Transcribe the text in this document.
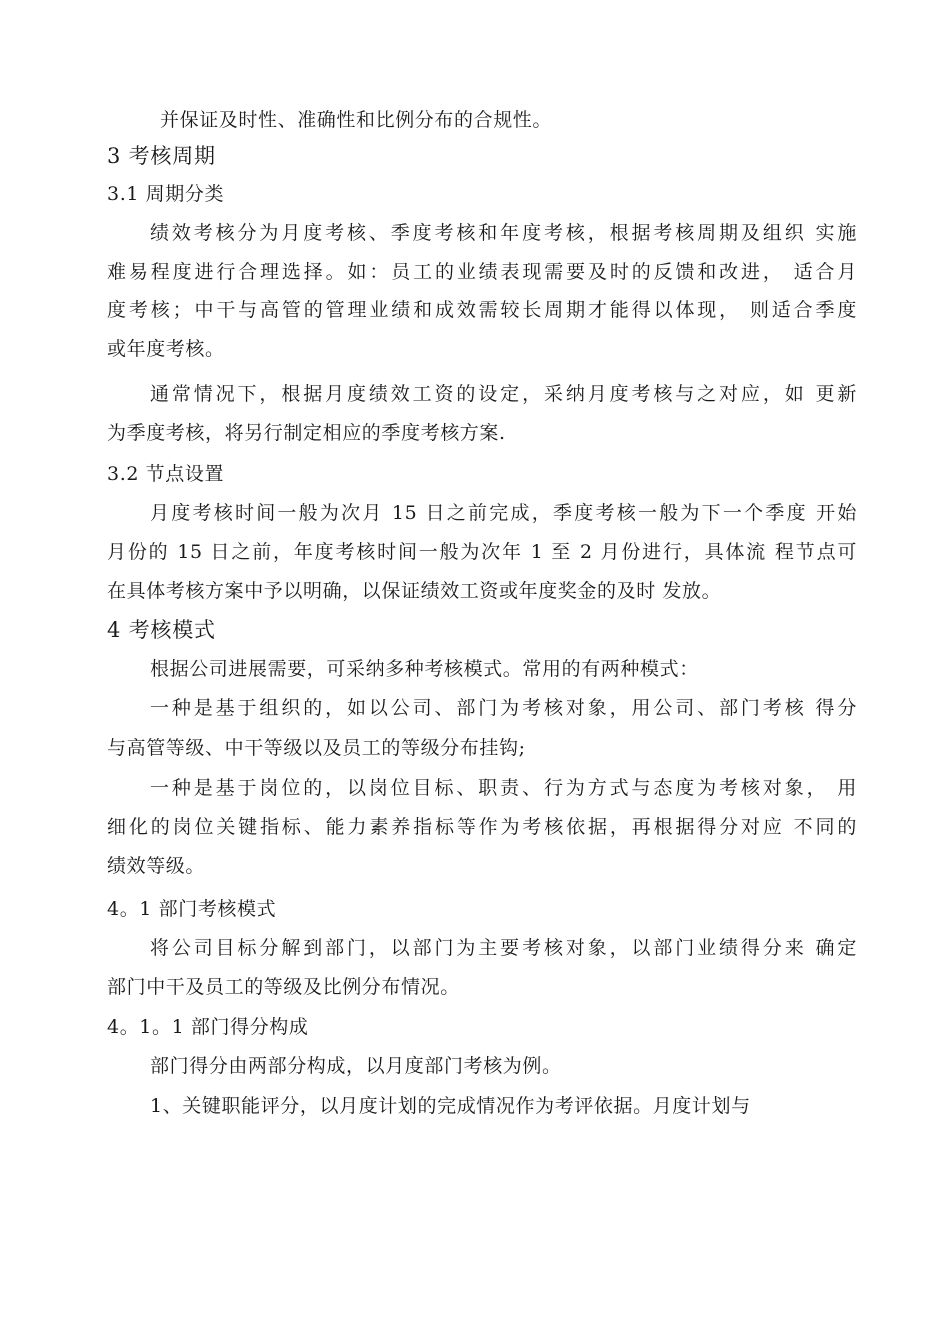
并保证及时性、准确性和比例分布的合规性。
3 考核周期
3.1 周期分类
绩效考核分为月度考核、季度考核和年度考核，根据考核周期及组织 实施
难易程度进行合理选择。如：员工的业绩表现需要及时的反馈和改进， 适合月
度考核；中干与高管的管理业绩和成效需较长周期才能得以体现， 则适合季度
或年度考核。
通常情况下，根据月度绩效工资的设定，采纳月度考核与之对应，如 更新
为季度考核，将另行制定相应的季度考核方案.
3.2 节点设置
月度考核时间一般为次月 15 日之前完成，季度考核一般为下一个季度 开始
月份的 15 日之前，年度考核时间一般为次年 1 至 2 月份进行，具体流 程节点可
在具体考核方案中予以明确，以保证绩效工资或年度奖金的及时 发放。
4 考核模式
根据公司进展需要，可采纳多种考核模式。常用的有两种模式：
一种是基于组织的，如以公司、部门为考核对象，用公司、部门考核 得分
与高管等级、中干等级以及员工的等级分布挂钩;
一种是基于岗位的，以岗位目标、职责、行为方式与态度为考核对象， 用
细化的岗位关键指标、能力素养指标等作为考核依据，再根据得分对应 不同的
绩效等级。
4。1 部门考核模式
将公司目标分解到部门，以部门为主要考核对象，以部门业绩得分来 确定
部门中干及员工的等级及比例分布情况。
4。1。1 部门得分构成
部门得分由两部分构成，以月度部门考核为例。
1、关键职能评分，以月度计划的完成情况作为考评依据。月度计划与
